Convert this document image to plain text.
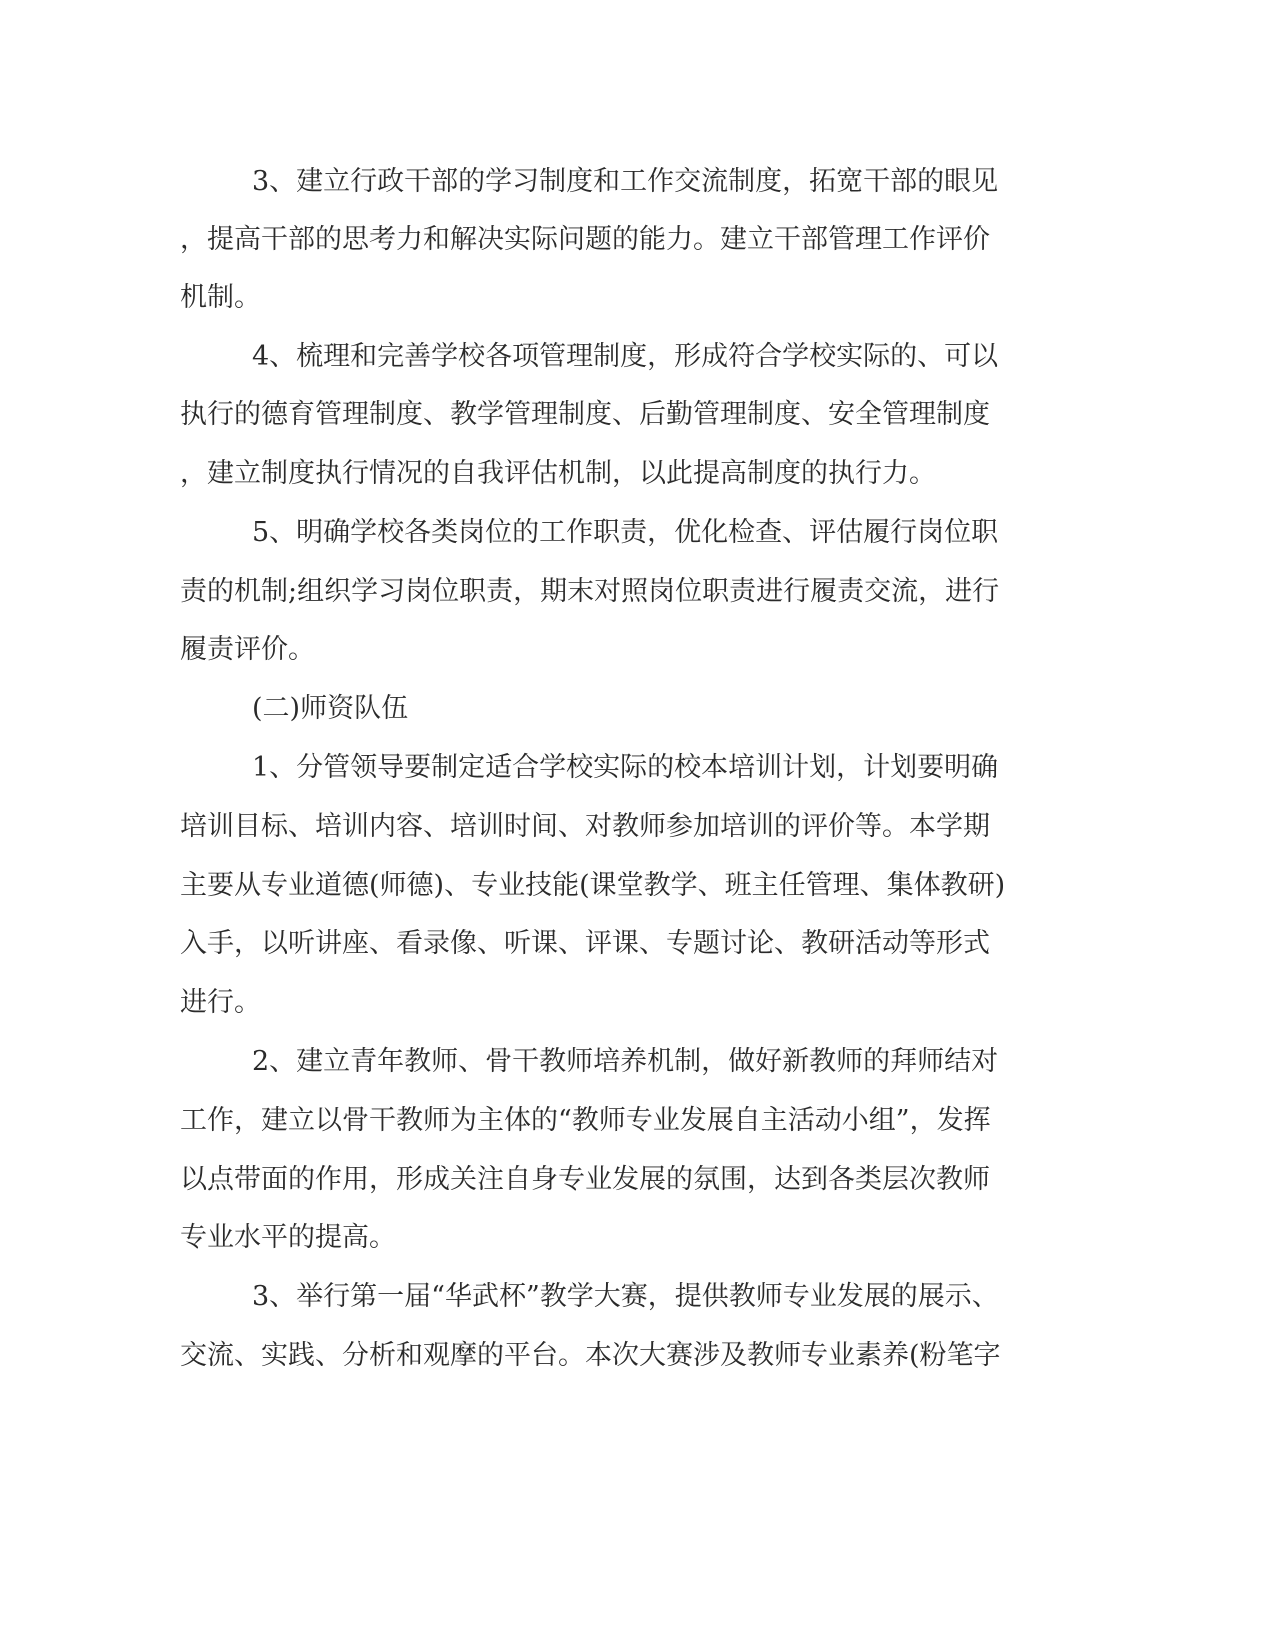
3、建立行政干部的学习制度和工作交流制度，拓宽干部的眼见
，提高干部的思考力和解决实际问题的能力。建立干部管理工作评价
机制。
4、梳理和完善学校各项管理制度，形成符合学校实际的、可以
执行的德育管理制度、教学管理制度、后勤管理制度、安全管理制度
，建立制度执行情况的自我评估机制，以此提高制度的执行力。
5、明确学校各类岗位的工作职责，优化检查、评估履行岗位职
责的机制;组织学习岗位职责，期末对照岗位职责进行履责交流，进行
履责评价。
(二)师资队伍
1、分管领导要制定适合学校实际的校本培训计划，计划要明确
培训目标、培训内容、培训时间、对教师参加培训的评价等。本学期
主要从专业道德(师德)、专业技能(课堂教学、班主任管理、集体教研)
入手，以听讲座、看录像、听课、评课、专题讨论、教研活动等形式
进行。
2、建立青年教师、骨干教师培养机制，做好新教师的拜师结对
工作，建立以骨干教师为主体的“教师专业发展自主活动小组”，发挥
以点带面的作用，形成关注自身专业发展的氛围，达到各类层次教师
专业水平的提高。
3、举行第一届“华武杯”教学大赛，提供教师专业发展的展示、
交流、实践、分析和观摩的平台。本次大赛涉及教师专业素养(粉笔字
